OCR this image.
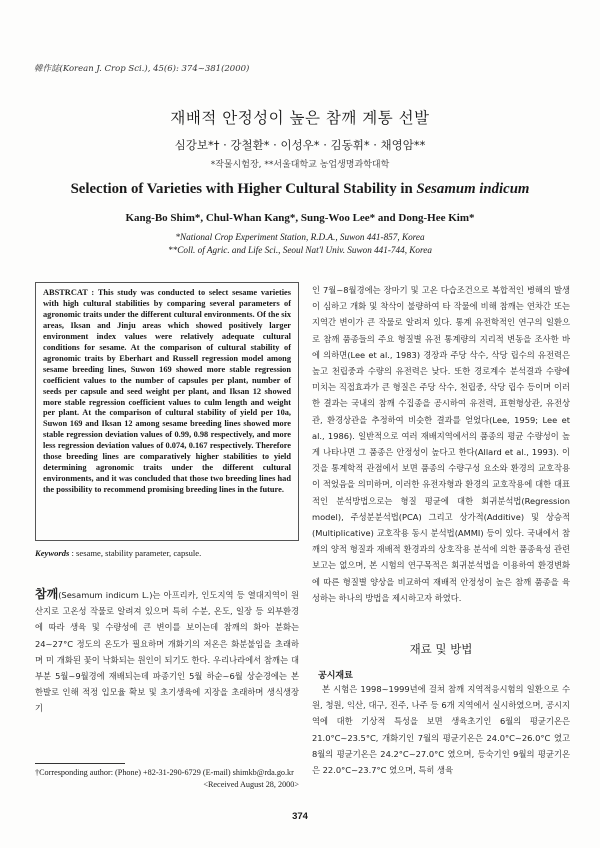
韓作誌(Korean J. Crop Sci.), 45(6): 374~381(2000)
재배적 안정성이 높은 참깨 계통 선발
심강보*† · 강철환* · 이성우* · 김동휘* · 채영암**
*작물시험장, **서울대학교 농업생명과학대학
Selection of Varieties with Higher Cultural Stability in Sesamum indicum
Kang-Bo Shim*, Chul-Whan Kang*, Sung-Woo Lee* and Dong-Hee Kim*
*National Crop Experiment Station, R.D.A., Suwon 441-857, Korea
**Coll. of Agric. and Life Sci., Seoul Nat'l Univ. Suwon 441-744, Korea
ABSTRCAT : This study was conducted to select sesame varieties with high cultural stabilities by comparing several parameters of agronomic traits under the different cultural environments. Of the six areas, Iksan and Jinju areas which showed positively larger environment index values were relatively adequate cultural conditions for sesame. At the comparison of cultural stability of agronomic traits by Eberhart and Russell regression model among sesame breeding lines, Suwon 169 showed more stable regression coefficient values to the number of capsules per plant, number of seeds per capsule and seed weight per plant, and Iksan 12 showed more stable regression coefficient values to culm length and weight per plant. At the comparison of cultural stability of yield per 10a, Suwon 169 and Iksan 12 among sesame breeding lines showed more stable regression deviation values of 0.99, 0.98 respectively, and more less regression deviation values of 0.074, 0.167 respectively. Therefore those breeding lines are comparatively higher stabilities to yield determining agronomic traits under the different cultural environments, and it was concluded that those two breeding lines had the possibility to recommend promising breeding lines in the future.
Keywords : sesame, stability parameter, capsule.
참깨(Sesamum indicum L.)는 아프리카, 인도지역 등 열대지역이 원산지로 고온성 작물로 알려져 있으며 특히 수분, 온도, 일장 등 외부환경에 따라 생육 및 수량성에 큰 변이를 보이는데 참깨의 화아 분화는 24~27°C 정도의 온도가 필요하며 개화기의 저온은 화분불임을 초래하며 미 개화된 꽃이 낙화되는 원인이 되기도 한다. 우리나라에서 참깨는 대부분 5월~9월경에 재배되는데 파종기인 5월 하순~6월 상순경에는 본 한발로 인해 적정 입모율 확보 및 초기생육에 지장을 초래하며 생식생장기
†Corresponding author: (Phone) +82-31-290-6729 (E-mail) shimkb@rda.go.kr
<Received August 28, 2000>
인 7월~8월경에는 장마기 및 고온 다습조건으로 복합적인 병해의 발생이 심하고 개화 및 착삭이 불량하여 타 작물에 비해 참깨는 연차간 또는 지역간 변이가 큰 작물로 알려져 있다. 통계 유전학적인 연구의 일환으로 참깨 품종들의 주요 형질별 유전 통계량의 지리적 변동을 조사한 바에 의하면(Lee et al., 1983) 경장과 주당 삭수, 삭당 립수의 유전력은 높고 천립중과 수량의 유전력은 낮다. 또한 경로계수 분석결과 수량에 미치는 직접효과가 큰 형질은 주당 삭수, 천립중, 삭당 립수 등이며 이러한 결과는 국내의 참깨 수집종을 공시하여 유전력, 표현형상관, 유전상관, 환경상관을 추정하여 비슷한 결과를 얻었다(Lee, 1959; Lee et al., 1986). 일반적으로 여러 재배지역에서의 품종의 평균 수량성이 높게 나타나면 그 품종은 안정성이 높다고 한다(Allard et al., 1993). 이것을 통계학적 관점에서 보면 품종의 수량구성 요소와 환경의 교호작용이 적었음을 의미하며, 이러한 유전자형과 환경의 교호작용에 대한 대표적인 분석방법으로는 형질 평균에 대한 회귀분석법(Regression model), 주성분분석법(PCA) 그리고 상가적(Additive) 및 상승적(Multiplicative) 교호작용 동시 분석법(AMMI) 등이 있다. 국내에서 참깨의 양적 형질과 재배적 환경과의 상호작용 분석에 의한 품종육성 관련 보고는 없으며, 본 시험의 연구목적은 회귀분석법을 이용하여 환경변화에 따른 형질별 양상을 비교하여 재배적 안정성이 높은 참깨 품종을 육성하는 하나의 방법을 제시하고자 하였다.
재료 및 방법
공시재료

본 시험은 1998~1999년에 걸쳐 참깨 지역적응시험의 일환으로 수원, 청원, 익산, 대구, 진주, 나주 등 6개 지역에서 실시하였으며, 공시지역에 대한 기상적 특성을 보면 생육초기인 6월의 평균기온은 21.0°C~23.5°C, 개화기인 7월의 평균기온은 24.0°C~26.0°C 였고 8월의 평균기온은 24.2°C~27.0°C 였으며, 등숙기인 9월의 평균기온은 22.0°C~23.7°C 였으며, 특히 생육

374
